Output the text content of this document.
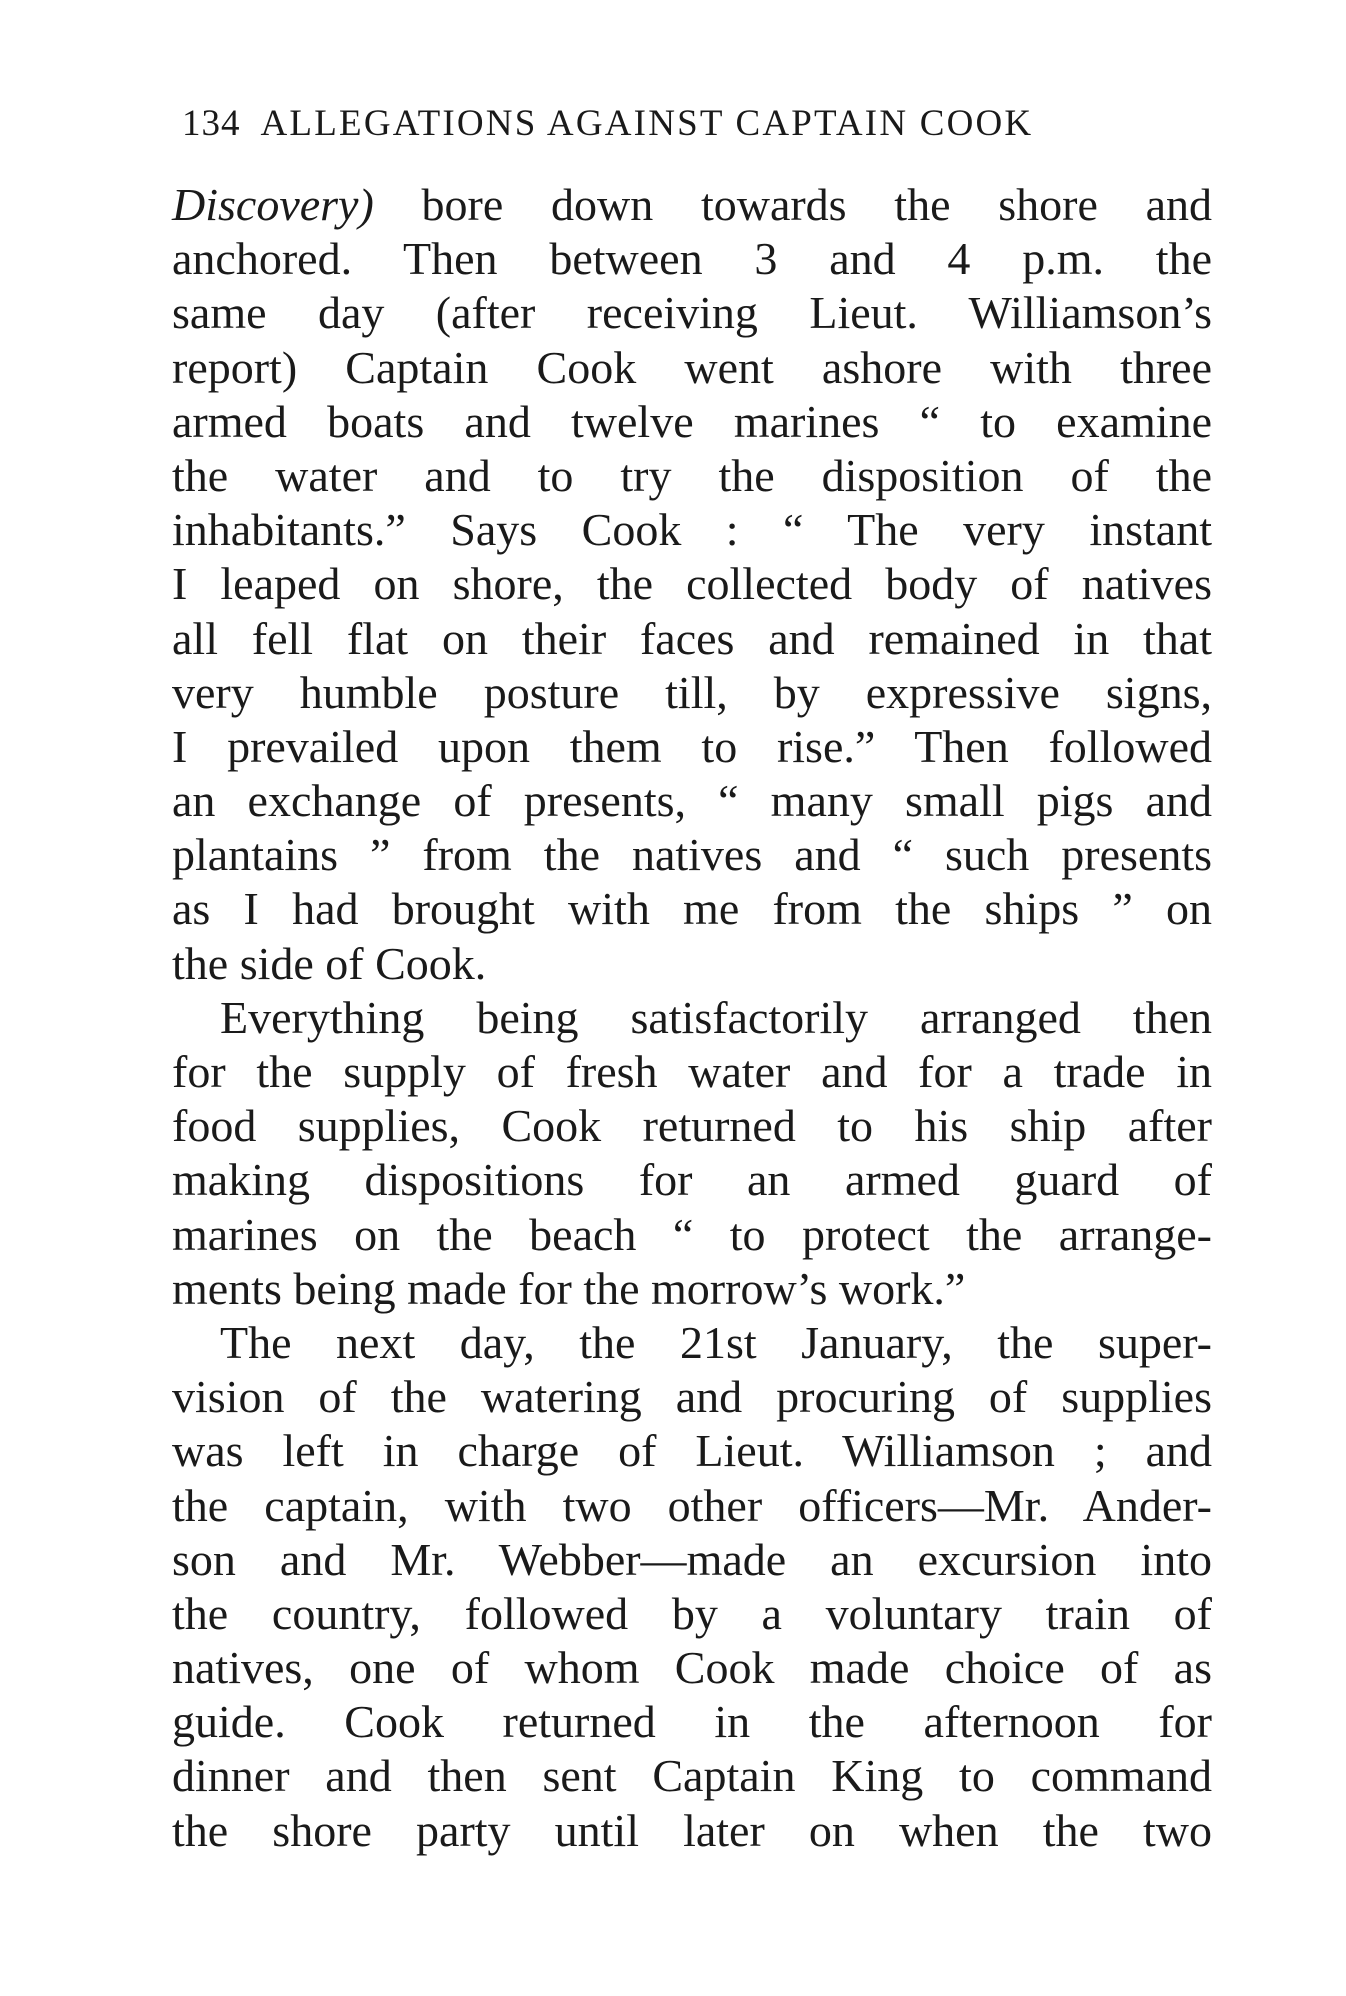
134 ALLEGATIONS AGAINST CAPTAIN COOK
Discovery) bore down towards the shore and
anchored. Then between 3 and 4 p.m. the
same day (after receiving Lieut. Williamson’s
report) Captain Cook went ashore with three
armed boats and twelve marines “ to examine
the water and to try the disposition of the
inhabitants.” Says Cook : “ The very instant
I leaped on shore, the collected body of natives
all fell flat on their faces and remained in that
very humble posture till, by expressive signs,
I prevailed upon them to rise.” Then followed
an exchange of presents, “ many small pigs and
plantains ” from the natives and “ such presents
as I had brought with me from the ships ” on
the side of Cook.
Everything being satisfactorily arranged then
for the supply of fresh water and for a trade in
food supplies, Cook returned to his ship after
making dispositions for an armed guard of
marines on the beach “ to protect the arrange-
ments being made for the morrow’s work.”
The next day, the 21st January, the super-
vision of the watering and procuring of supplies
was left in charge of Lieut. Williamson ; and
the captain, with two other officers—Mr. Ander-
son and Mr. Webber—made an excursion into
the country, followed by a voluntary train of
natives, one of whom Cook made choice of as
guide. Cook returned in the afternoon for
dinner and then sent Captain King to command
the shore party until later on when the two
